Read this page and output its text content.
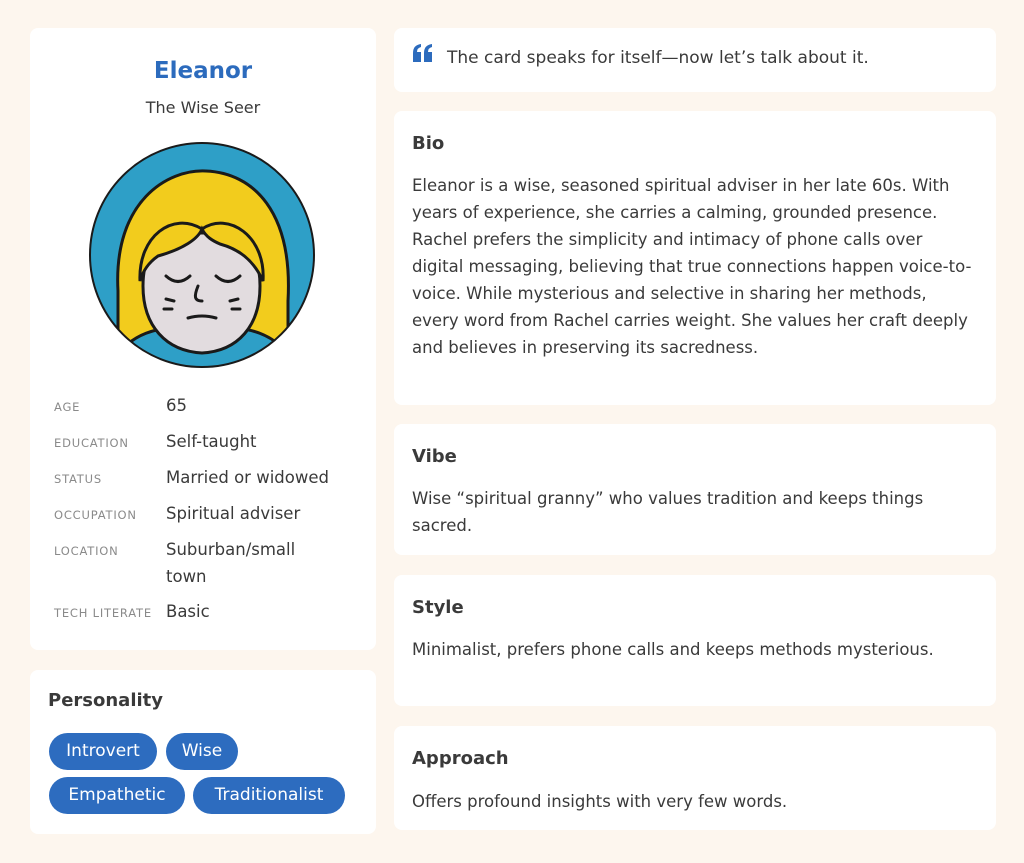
Eleanor
The Wise Seer
AGE	65
EDUCATION Self-taught
STATUS	Married or widowed
OCCUPATION Spiritual adviser
LOCATION	Suburban/small town
TECH LITERATE Basic
Personality
Introvert	Wise
Empathetic	Traditionalist
The card speaks for itself—now let’s talk about it.
Bio
Eleanor is a wise, seasoned spiritual adviser in her late 60s. With years of experience, she carries a calming, grounded presence. Rachel prefers the simplicity and intimacy of phone calls over digital messaging, believing that true connections happen voice-to-voice. While mysterious and selective in sharing her methods, every word from Rachel carries weight. She values her craft deeply and believes in preserving its sacredness.
Vibe
Wise “spiritual granny” who values tradition and keeps things sacred.
Style
Minimalist, prefers phone calls and keeps methods mysterious.
Approach
Offers profound insights with very few words.
